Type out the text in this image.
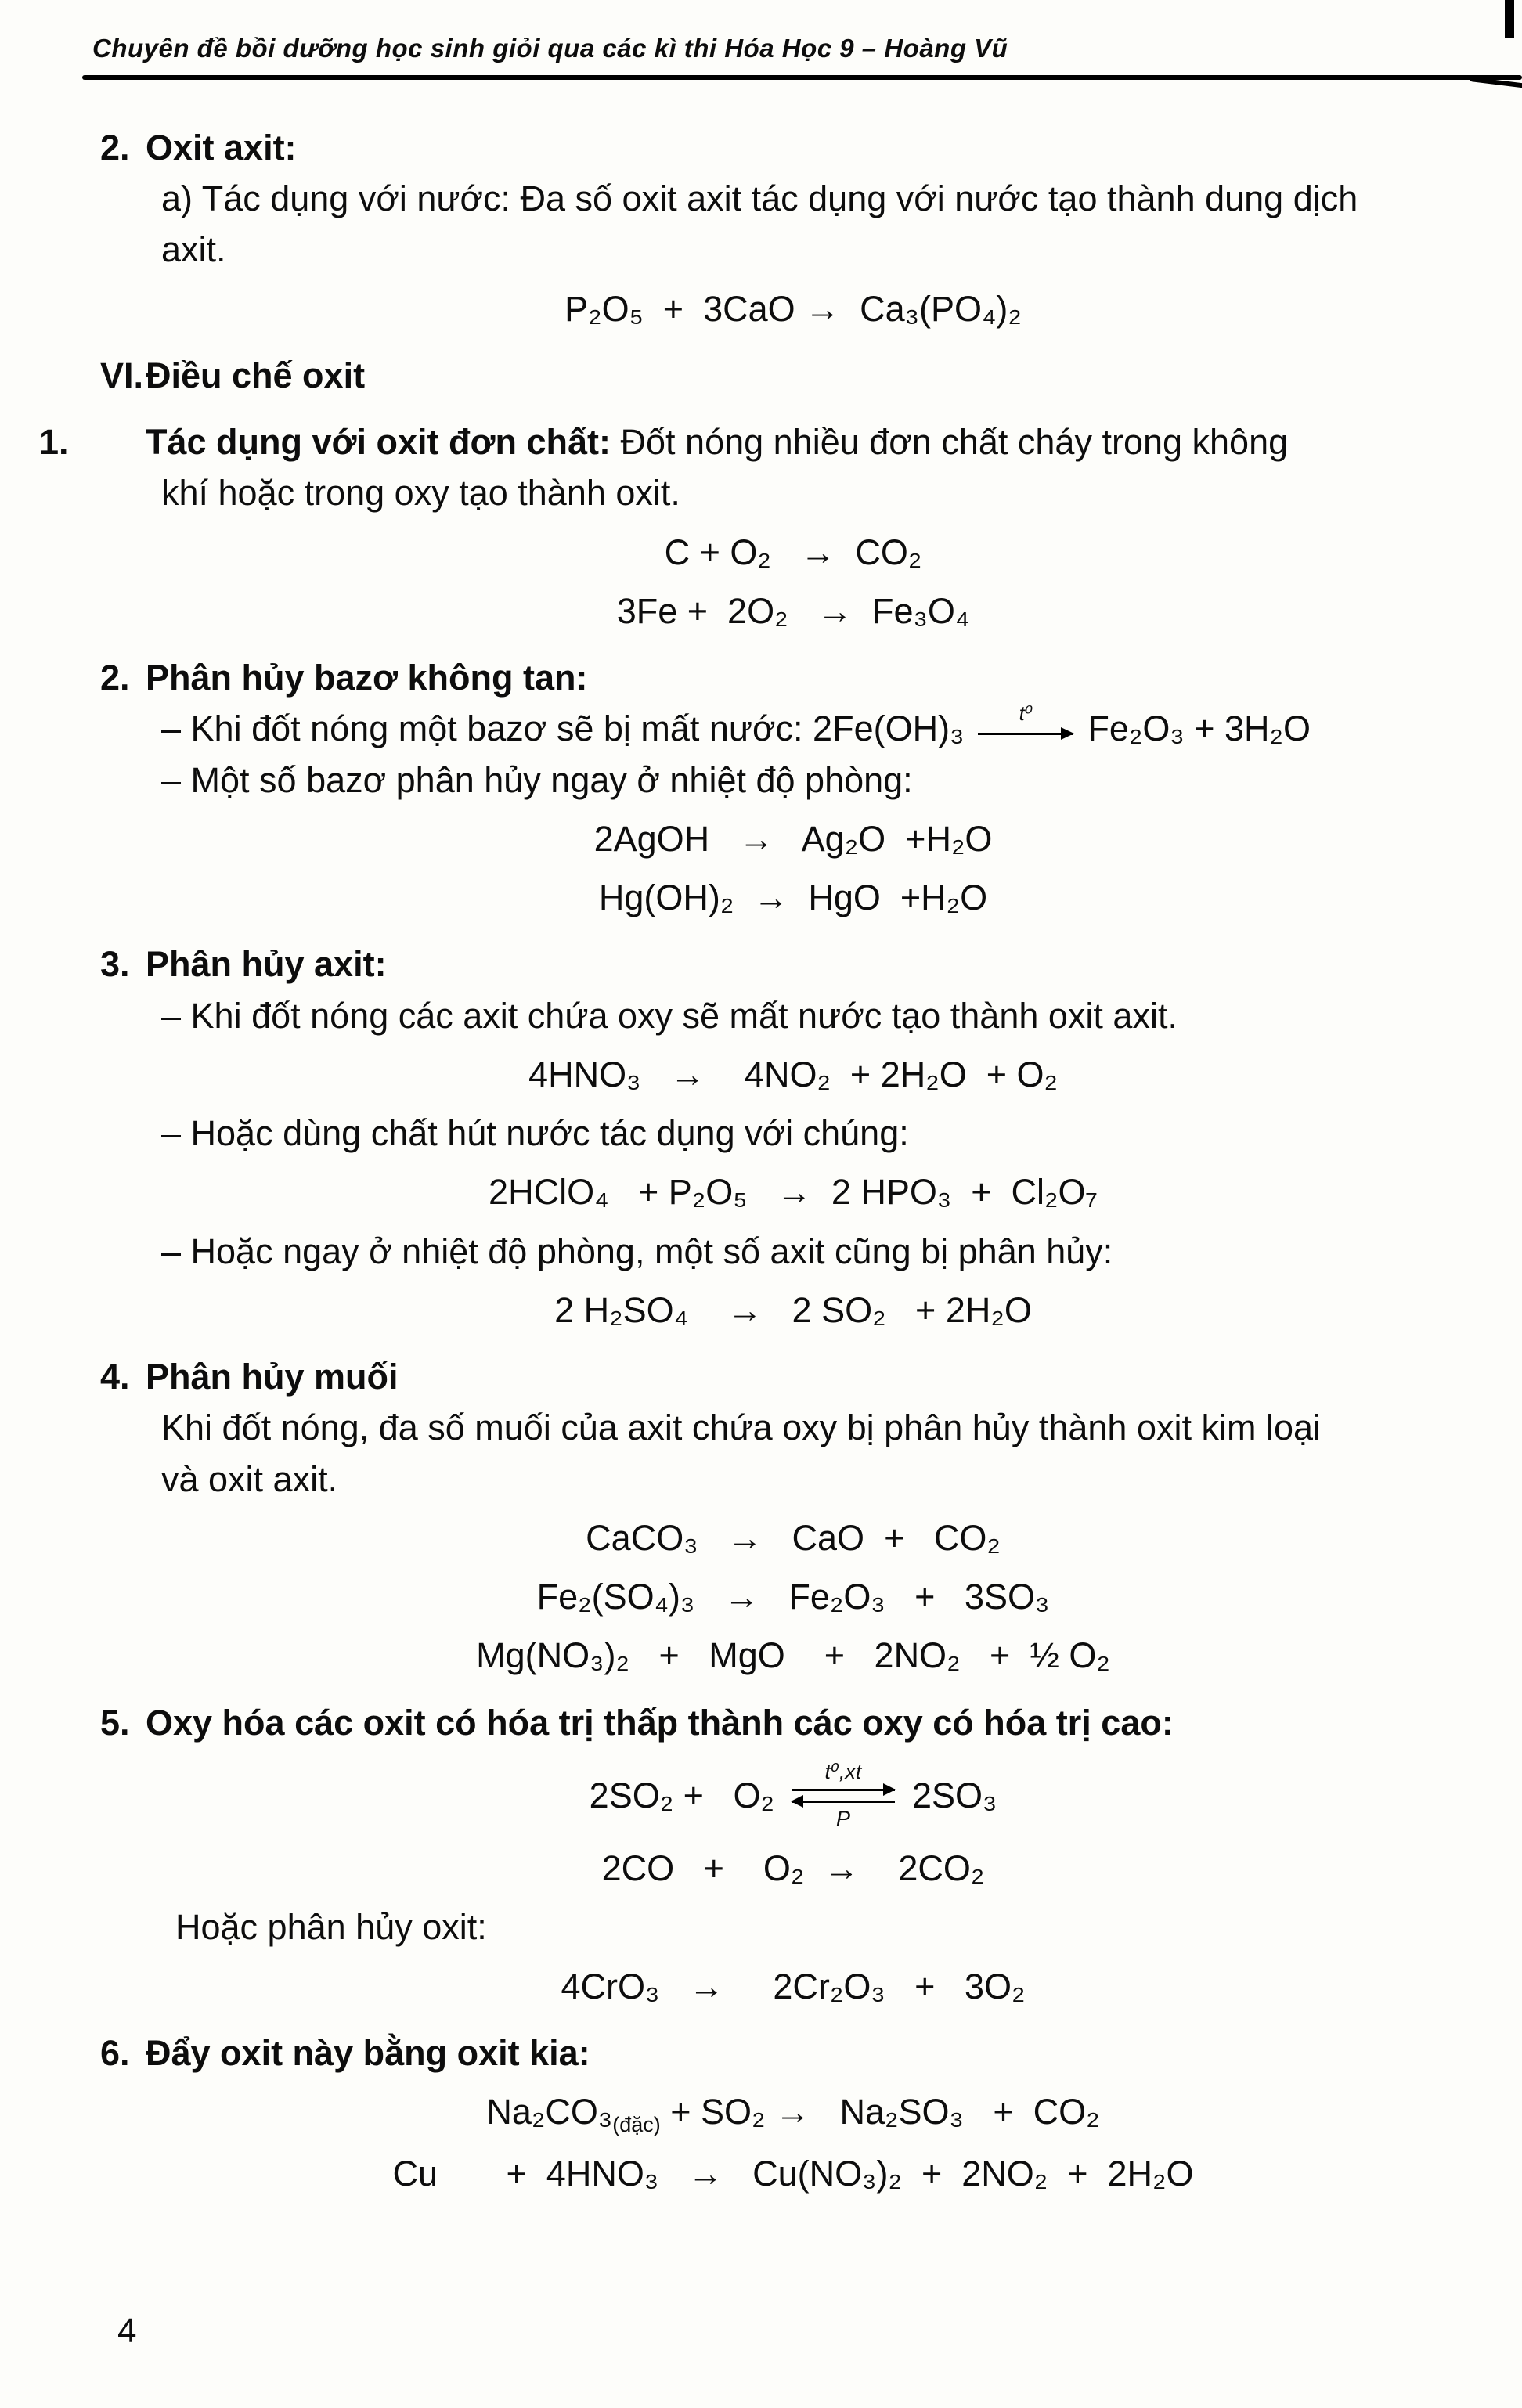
Chuyên đề bồi dưỡng học sinh giỏi qua các kì thi Hóa Học 9 – Hoàng Vũ
2. Oxit axit:
a) Tác dụng với nước: Đa số oxit axit tác dụng với nước tạo thành dung dịch
axit.
P₂O₅  +  3CaO →  Ca₃(PO₄)₂
VI.Điều chế oxit
1. Tác dụng với oxit đơn chất: Đốt nóng nhiều đơn chất cháy trong không
khí hoặc trong oxy tạo thành oxit.
C + O₂   →  CO₂
3Fe +  2O₂   →  Fe₃O₄
2. Phân hủy bazơ không tan:
– Khi đốt nóng một bazơ sẽ bị mất nước: 2Fe(OH)₃	t⁰ Fe₂O₃ + 3H₂O
– Một số bazơ phân hủy ngay ở nhiệt độ phòng:
2AgOH   →   Ag₂O  +H₂O
Hg(OH)₂  →  HgO  +H₂O
3. Phân hủy axit:
– Khi đốt nóng các axit chứa oxy sẽ mất nước tạo thành oxit axit.
4HNO₃   →    4NO₂  + 2H₂O  + O₂
– Hoặc dùng chất hút nước tác dụng với chúng:
2HClO₄   + P₂O₅   →  2 HPO₃  +  Cl₂O₇
– Hoặc ngay ở nhiệt độ phòng, một số axit cũng bị phân hủy:
2 H₂SO₄    →   2 SO₂   + 2H₂O
4. Phân hủy muối
Khi đốt nóng, đa số muối của axit chứa oxy bị phân hủy thành oxit kim loại
và oxit axit.
CaCO₃   →   CaO  +   CO₂
Fe₂(SO₄)₃   →   Fe₂O₃   +   3SO₃
Mg(NO₃)₂   +   MgO    +   2NO₂   +  ½ O₂
5. Oxy hóa các oxit có hóa trị thấp thành các oxy có hóa trị cao:
2SO₂ +   O₂
t⁰,xt
P
2SO₃
2CO   +    O₂  →    2CO₂
Hoặc phân hủy oxit:
4CrO₃   →     2Cr₂O₃   +   3O₂
6. Đẩy oxit này bằng oxit kia:
$Na_2CO_3_{(đặc)} + SO_2 \to Na_2SO_3 + CO_2$
Cu       +  4HNO₃   →   Cu(NO₃)₂  +  2NO₂  +  2H₂O
4
